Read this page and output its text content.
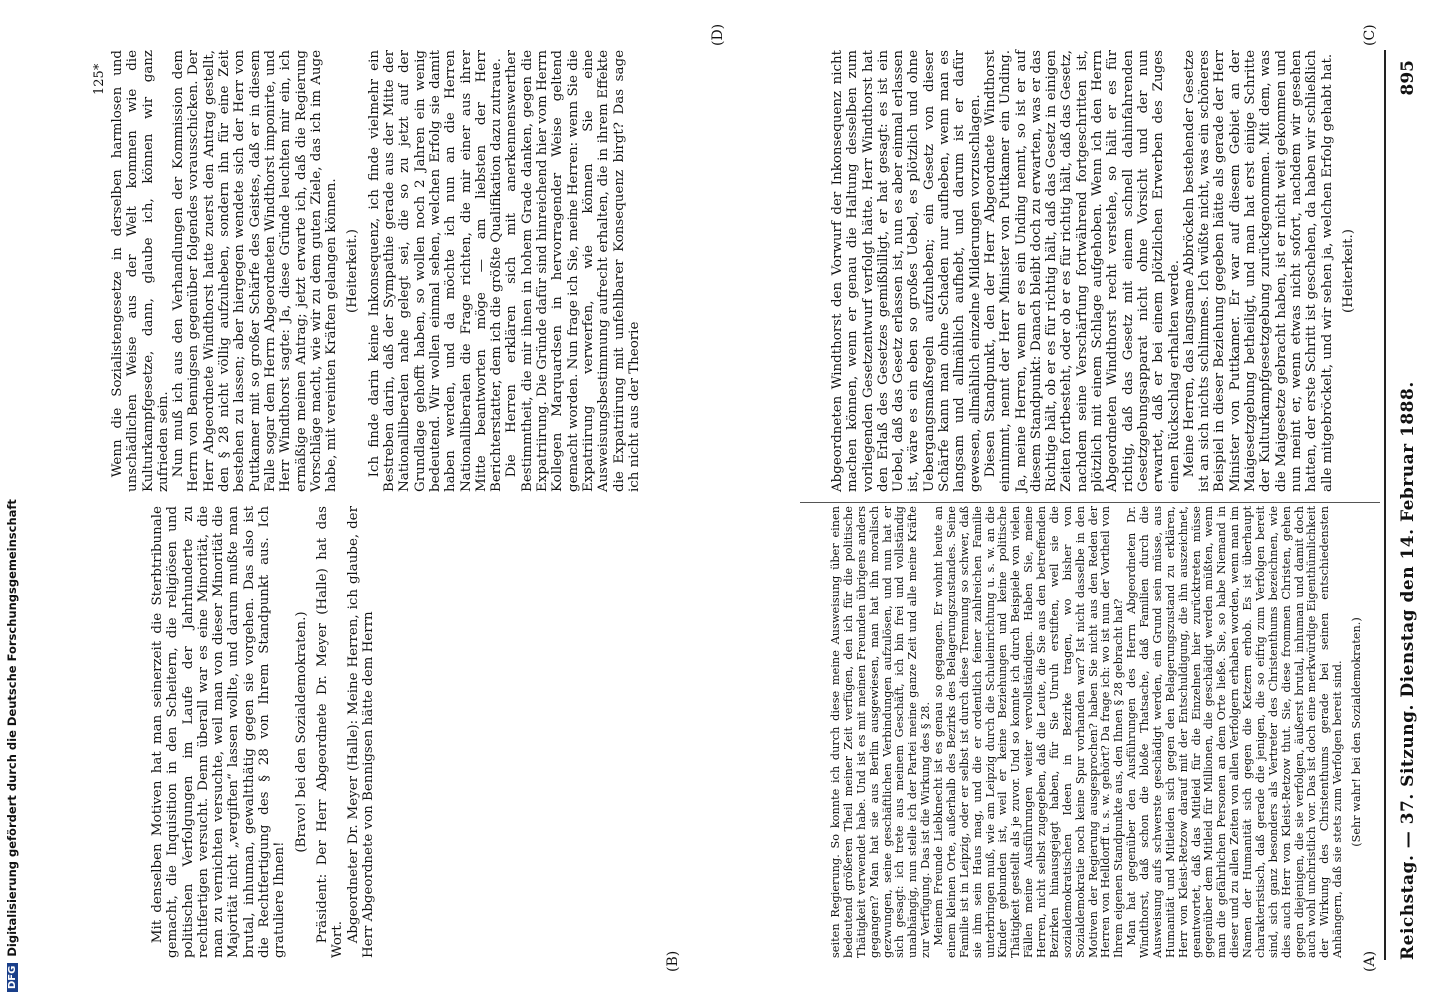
DFG
Digitalisierung gefördert durch die Deutsche Forschungsgemeinschaft	Reichstag. — 37. Sitzung. Dienstag den 14. Februar 1888.
895
(A)
(B)
(C)
(D)

seiten Regierung. So konnte ich durch diese meine Ausweisung über einen bedeutend größeren Theil meiner Zeit verfügen, den ich für die politische Thätigkeit verwendet habe. Und ist es mit meinen Freunden übrigens anders gegangen? Man hat sie aus Berlin ausgewiesen, man hat ihn moralisch gezwungen, seine geschäftlichen Verbindungen aufzulösen, und nun hat er sich gesagt: ich trete aus meinem Geschäft, ich bin frei und vollständig unabhängig, nun stelle ich der Partei meine ganze Zeit und alle meine Kräfte zur Verfügung. Das ist die Wirkung des § 28. Meinem Freunde Liebknecht ist es genau so gegangen. Er wohnt heute an einem kleinen Orte, außerhalb des Bezirks des Belagerungszustandes. Seine Familie ist in Leipzig, oder er selbst ist durch diese Trennung so schwer, daß sie ihm sein Haus mag, und die er ordentlich feiner zahlreichen Familie unterbringen muß, wie am Leipzig durch die Schuleinrichtung u. s. w. an die Kinder gebunden ist, weil er keine Beziehungen und keine politische Thätigkeit gestellt als je zuvor. Und so konnte ich durch Beispiele von vielen Fällen meine Ausführungen weiter vervollständigen. Haben Sie, meine Herren, nicht selbst zugegeben, daß die Leute, die Sie aus den betreffenden Bezirken hinausgejagt haben, für Sie Unruh erstiften, weil sie die sozialdemokratischen Ideen in Bezirke tragen, wo bisher von Sozialdemokratie noch keine Spur vorhanden war? Ist nicht dasselbe in den Motiven der Regierung ausgesprochen? haben Sie nicht aus den Reden der Herren von Helldorff u. s. w. gehört? Da frage ich: wo ist nun der Vortheil von Ihrem eigenen Standpunkte aus, den Ihnen § 28 gebracht hat? Man hat gegenüber den Ausführungen des Herrn Abgeordneten Dr. Windthorst, daß schon die bloße Thatsache, daß Familien durch die Ausweisung aufs schwerste geschädigt werden, ein Grund sein müsse, aus Humanität und Mitleiden sich gegen den Belagerungszustand zu erklären, Herr von Kleist-Retzow darauf mit der Entschuldigung, die ihn auszeichnet, geantwortet, daß das Mitleid für die Einzelnen hier zurücktreten müsse gegenüber dem Mitleid für Millionen, die geschädigt werden müßten, wenn man die gefährlichen Personen an dem Orte ließe. Sie, so habe Niemand in dieser und zu allen Zeiten von allen Verfolgern erhaben worden, wenn man im Namen der Humanität sich gegen die Ketzern erhob. Es ist überhaupt charakteristisch, daß gerade die jenigen, die so eifrig zum Verfolgen bereit sind, sich ganz besonders als Vertreter des Christenthums bezeichnen, wie dies auch Herr von Kleist-Retzow thut. Sie, diese frommen Christen, gehen gegen diejenigen, die sie verfolgen, äußerst brutal, inhuman und damit doch auch wohl unchristlich vor. Das ist doch eine merkwürdige Eigenthümlichkeit der Wirkung des Christenthums gerade bei seinen entschiedensten Anhängern, daß sie stets zum Verfolgen bereit sind. (Sehr wahr! bei den Sozialdemokraten.)

Mit denselben Motiven hat man seinerzeit die Sterbtribunale gemacht, die Inquisition in den Scheitern, die religiösen und politischen Verfolgungen im Laufe der Jahrhunderte zu rechtfertigen versucht. Denn überall war es eine Minorität, die man zu vernichten versuchte, weil man von dieser Minorität die Majorität nicht „vergiften“ lassen wollte, und darum mußte man brutal, inhuman, gewaltthätig gegen sie vorgehen. Das also ist die Rechtfertigung des § 28 von Ihrem Standpunkt aus. Ich gratuliere Ihnen!

(Bravo! bei den Sozialdemokraten.) Präsident: Der Herr Abgeordnete Dr. Meyer (Halle) hat das Wort. Abgeordneter Dr. Meyer (Halle): Meine Herren, ich glaube, der Herr Abgeordnete von Bennigsen hätte dem Herrn

Abgeordneten Windthorst den Vorwurf der Inkonsequenz nicht machen können, wenn er genau die Haltung desselben zum vorliegenden Gesetzentwurf verfolgt hätte. Herr Windthorst hat den Erlaß des Gesetzes gemißbilligt, er hat gesagt: es ist ein Uebel, daß das Gesetz erlassen ist, nun es aber einmal erlassen ist, wäre es ein eben so großes Uebel, es plötzlich und ohne Uebergangsmaßregeln aufzuheben; ein Gesetz von dieser Schärfe kann man ohne Schaden nur aufheben, wenn man es langsam und allmählich aufhebt, und darum ist er dafür gewesen, allmählich einzelne Milderungen vorzuschlagen. Diesen Standpunkt, den der Herr Abgeordnete Windthorst einnimmt, nennt der Herr Minister von Puttkamer ein Unding. Ja, meine Herren, wenn er es ein Unding nennt, so ist er auf diesem Standpunkt: Danach bleibt doch zu erwarten, was er das Richtige hält, ob er es für richtig hält, daß das Gesetz in einigen Zeiten fortbesteht, oder ob er es für richtig hält, daß das Gesetz, nachdem seine Verschärfung fortwährend fortgeschritten ist, plötzlich mit einem Schlage aufgehoben. Wenn ich den Herrn Abgeordneten Windthorst recht verstehe, so hält er es für richtig, daß das Gesetz mit einem schnell dahinfahrenden Gesetzgebungsapparat nicht ohne Vorsicht und der nun erwartet, daß er bei einem plötzlichen Erwerben des Zuges einen Rückschlag erhalten werde. Meine Herren, das langsame Abbröckeln bestehender Gesetze ist an sich nichts schlimmes. Ich wüßte nicht, was ein schöneres Beispiel in dieser Beziehung gegeben hätte als gerade der Herr Minister von Puttkamer. Er war auf diesem Gebiet an der Maigesetzgebung betheiligt, und man hat erst einige Schritte der Kulturkampfgesetzgebung zurückgenommen. Mit dem, was die Maigesetze gebracht haben, ist er nicht weit gekommen und nun meint er, wenn etwas nicht sofort, nachdem wir gesehen hatten, der erste Schritt ist geschehen, da haben wir schließlich alle mitgebröckelt, und wir sehen ja, welchen Erfolg gehabt hat. (Heiterkeit.)

Wenn die Sozialistengesetze in derselben harmlosen und unschädlichen Weise aus der Welt kommen wie die Kulturkampfgesetze, dann, glaube ich, können wir ganz zufrieden sein. Nun muß ich aus den Verhandlungen der Kommission dem Herrn von Bennigsen gegenüber folgendes vorausschicken. Der Herr Abgeordnete Windthorst hatte zuerst den Antrag gestellt, den § 28 nicht völlig aufzuheben, sondern ihn für eine Zeit bestehen zu lassen; aber hiergegen wendete sich der Herr von Puttkamer mit so großer Schärfe des Geistes, daß er in diesem Falle sogar dem Herrn Abgeordneten Windthorst imponirte, und Herr Windthorst sagte: Ja, diese Gründe leuchten mir ein, ich ermäßige meinen Antrag; jetzt erwarte ich, daß die Regierung Vorschläge macht, wie wir zu dem guten Ziele, das ich im Auge habe, mit vereinten Kräften gelangen können. (Heiterkeit.) Ich finde darin keine Inkonsequenz, ich finde vielmehr ein Bestreben darin, daß der Sympathie gerade aus der Mitte der Nationalliberalen nahe gelegt sei, die so zu jetzt auf der Grundlage gehofft haben, so wollen noch 2 Jahren ein wenig bedeutend. Wir wollen einmal sehen, welchen Erfolg sie damit haben werden, und da möchte ich nun an die Herren Nationalliberalen die Frage richten, die mir einer aus ihrer Mitte beantworten möge — am liebsten der Herr Berichterstatter, dem ich die größte Qualifikation dazu zutraue. Die Herren erklären sich mit anerkennenswerther Bestimmtheit, die mir ihnen in hohem Grade danken, gegen die Expatriirung. Die Gründe dafür sind hinreichend hier vom Herrn Kollegen Marquardsen in hervorragender Weise geltend gemacht worden. Nun frage ich Sie, meine Herren: wenn Sie die Expatriirung verwerfen, wie können Sie eine Ausweisungsbestimmung aufrecht erhalten, die in ihrem Effekte die Expatriirung mit unfehlbarer Konsequenz birgt? Das sage ich nicht aus der Theorie

125*
